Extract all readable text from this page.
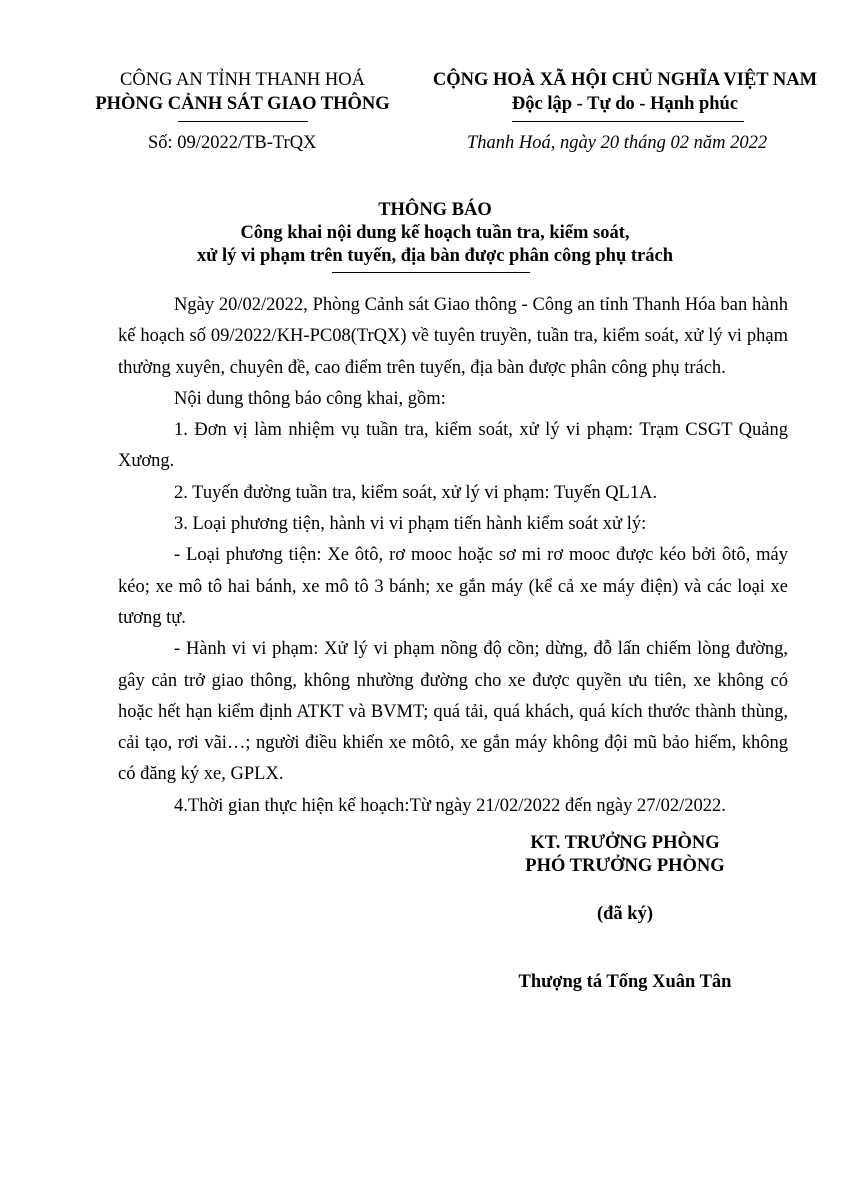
CÔNG AN TỈNH THANH HOÁ
PHÒNG CẢNH SÁT GIAO THÔNG
CỘNG HOÀ XÃ HỘI CHỦ NGHĨA VIỆT NAM
Độc lập - Tự do - Hạnh phúc
Số: 09/2022/TB-TrQX	Thanh Hoá, ngày 20 tháng 02 năm 2022
THÔNG BÁO
Công khai nội dung kế hoạch tuần tra, kiểm soát,
xử lý vi phạm trên tuyến, địa bàn được phân công phụ trách

Ngày 20/02/2022, Phòng Cảnh sát Giao thông - Công an tỉnh Thanh Hóa ban hành kế hoạch số 09/2022/KH-PC08(TrQX) về tuyên truyền, tuần tra, kiểm soát, xử lý vi phạm thường xuyên, chuyên đề, cao điểm trên tuyến, địa bàn được phân công phụ trách.

Nội dung thông báo công khai, gồm:

1. Đơn vị làm nhiệm vụ tuần tra, kiểm soát, xử lý vi phạm: Trạm CSGT Quảng Xương.

2. Tuyến đường tuần tra, kiểm soát, xử lý vi phạm: Tuyến QL1A.

3. Loại phương tiện, hành vi vi phạm tiến hành kiểm soát xử lý:

- Loại phương tiện: Xe ôtô, rơ mooc hoặc sơ mi rơ mooc được kéo bởi ôtô, máy kéo; xe mô tô hai bánh, xe mô tô 3 bánh; xe gắn máy (kể cả xe máy điện) và các loại xe tương tự.

- Hành vi vi phạm: Xử lý vi phạm nồng độ cồn; dừng, đỗ lấn chiếm lòng đường, gây cản trở giao thông, không nhường đường cho xe được quyền ưu tiên, xe không có hoặc hết hạn kiểm định ATKT và BVMT; quá tải, quá khách, quá kích thước thành thùng, cải tạo, rơi vãi…; người điều khiển xe môtô, xe gắn máy không đội mũ bảo hiểm, không có đăng ký xe, GPLX.

4.Thời gian thực hiện kế hoạch:Từ ngày 21/02/2022 đến ngày 27/02/2022.

KT. TRƯỞNG PHÒNG
PHÓ TRƯỞNG PHÒNG
(đã ký)
Thượng tá Tống Xuân Tân
